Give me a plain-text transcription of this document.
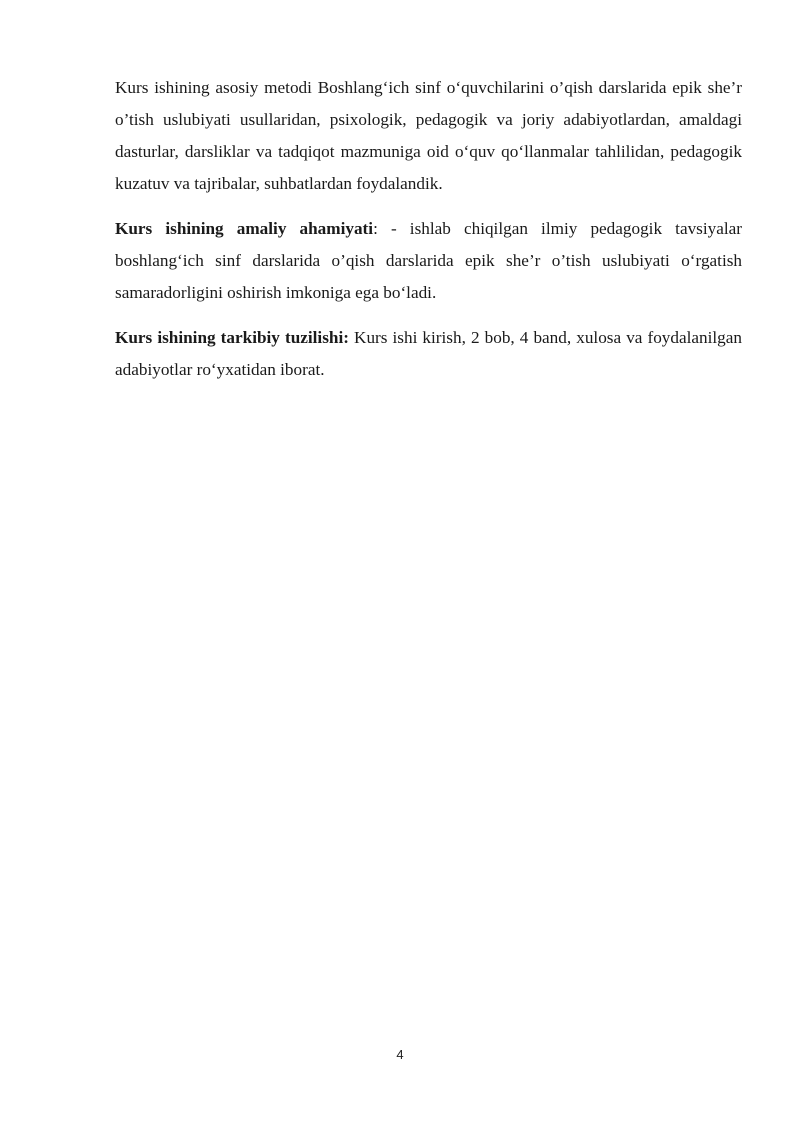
Kurs ishining asosiy metodi Boshlang‘ich sinf o‘quvchilarini o’qish darslarida epik she’r o’tish uslubiyati usullaridan, psixologik, pedagogik va joriy adabiyotlardan, amaldagi dasturlar, darsliklar va tadqiqot mazmuniga oid o‘quv qo‘llanmalar tahlilidan, pedagogik kuzatuv va tajribalar, suhbatlardan foydalandik.

Kurs ishining amaliy ahamiyati: - ishlab chiqilgan ilmiy pedagogik tavsiyalar boshlang‘ich sinf darslarida o’qish darslarida epik she’r o’tish uslubiyati o‘rgatish samaradorligini oshirish imkoniga ega bo‘ladi.

Kurs ishining tarkibiy tuzilishi: Kurs ishi kirish, 2 bob, 4 band, xulosa va foydalanilgan adabiyotlar ro‘yxatidan iborat.

4
